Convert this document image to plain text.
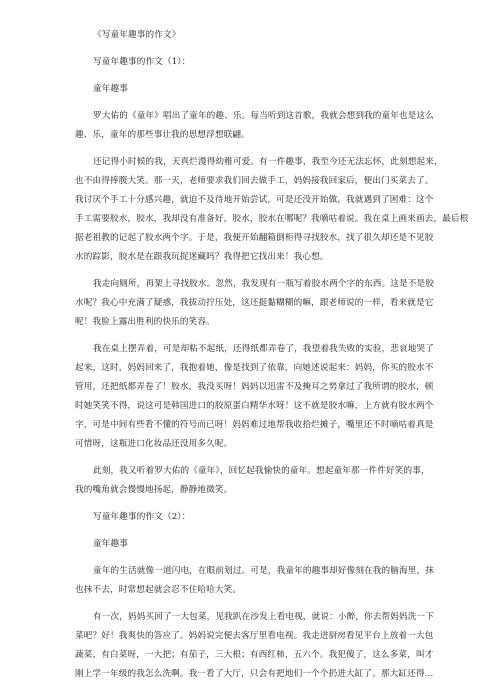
《写童年趣事的作文》
写童年趣事的作文（1）：
童年趣事
罗大佑的《童年》唱出了童年的趣、乐。每当听到这首歌，我就会想到我的童年也是这么
趣、乐，童年的那些事让我的思想浮想联翩。
还记得小时候的我，天真烂漫得幼稚可爱。有一件趣事，我至今还无法忘怀，此刻想起来，
也不由得捧腹大笑。那一天，老师要求我们回去做手工，妈妈接我回家后，便出门买菜去了。
我讨厌个手工十分感兴趣，就迫不及待地开始尝试，可是还没开始做，我就遇到了困难：这个
手工需要胶水，胶水，我却没有准备好，胶水，胶水在哪呢？我嘀咕着说。我在桌上画来画去，最后根
据老祖教的记起了胶水两个字。于是，我便开始翻箱倒柜得寻找胶水，找了很久却还是不见胶
水的踪影，胶水是在跟我玩捉迷藏吗？我得把它找出来！我心想。
我走向厕所，再架上寻找胶水。忽然，我发现有一瓶写着胶水两个字的东西。这是不是胶
水呢？我心中充满了疑惑，我拔动拧压处，这还挺黏糊糊的嘛，跟老师说的一样，看来就是它
呢！我脸上露出胜利的快乐的笑容。
我在桌上摆弄着，可是却粘不起纸，还得纸都弄卷了，我望着我失败的实验，悲哀地哭了
起来，这时，妈妈回来了，我抱着她，像是找到了依靠，向她述说起来：妈妈，你买的胶水不
管用，还把纸都弄卷了！胶水，我没买呀！妈妈以迅雷不及掩耳之势拿过了我所谓的胶水，顿
时她笑笑不得，说这可是韩国进口的胶原蛋白精华水呀！这不就是胶水嘛，上方就有胶水两个
字，可是中间有些看不懂的符号而已呀！妈妈难过地帮我收拾烂摊子，嘴里还不时嘀咕着真是
可惜呀，这瓶进口化妆品还没用多久呢。
此刻，我又听着罗大佑的《童年》，回忆起我愉快的童年。想起童年那一件件好笑的事，
我的嘴角就会慢慢地扬起，静静地微笑。
写童年趣事的作文（2）：
童年趣事
童年的生活就像一道闪电，在眼前划过。可是，我童年的趣事却好像刻在我的脑海里，抹
也抹不去，时常想起就会忍不住哈哈大笑。
有一次，妈妈买回了一大包菜，见我趴在沙发上看电视，就说：小醉，你去帮妈妈洗一下
菜吧？好！我爽快的答应了。妈妈说完便去客厅里看电视。我走进厨房看见平台上放着一大包
蔬菜，有白菜呀，一大把；有茄子，三大根；有西红柿，五六个。我犯傻了，这么多菜，叫才
刚上学一年级的我怎么洗啊。我一看了大厅，只会有把地们一个个扔进大缸了。那大缸还得...
